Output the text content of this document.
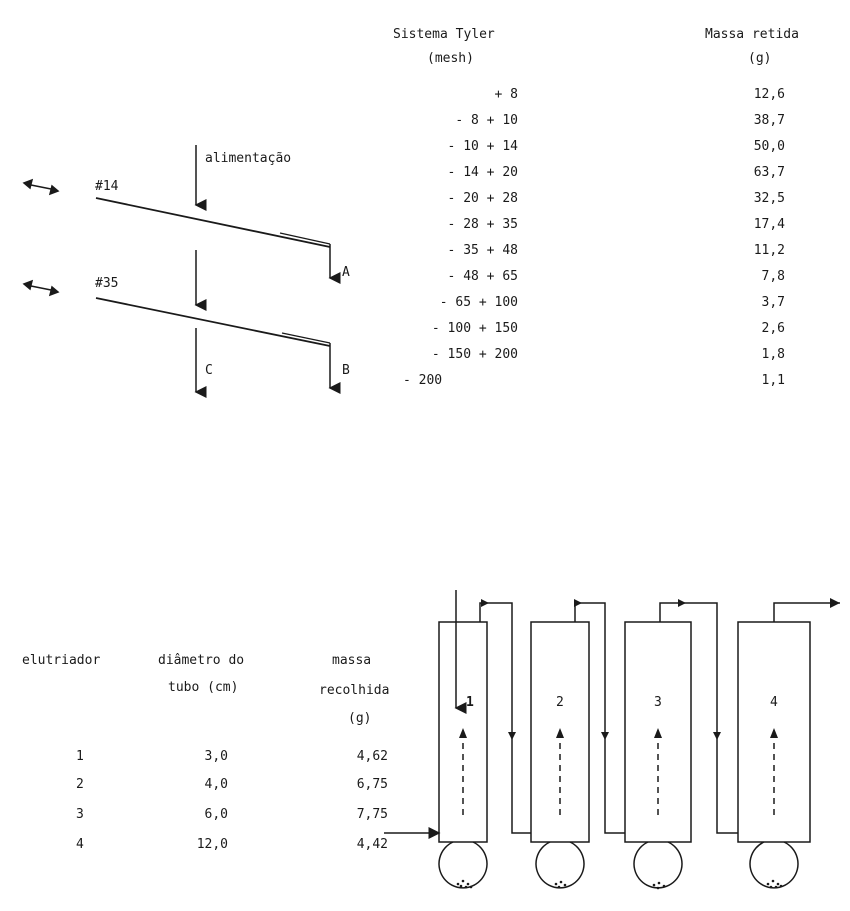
Sistema Tyler
(mesh)
Massa retida
(g)
+ 8	12,6
- 8 + 10	38,7
- 10 + 14	50,0
- 14 + 20	63,7
- 20 + 28	32,5
- 28 + 35	17,4
- 35 + 48	11,2
- 48 + 65	7,8
- 65 + 100	3,7
- 100 + 150	2,6
- 150 + 200	1,8
- 200	1,1
alimentação
#14
#35
A
B
C
elutriador	diâmetro do
tubo (cm)
massa
recolhida
(g)
1	3,0	4,62
2	4,0	6,75
3	6,0	7,75
4	12,0	4,42
1	2	3	4
